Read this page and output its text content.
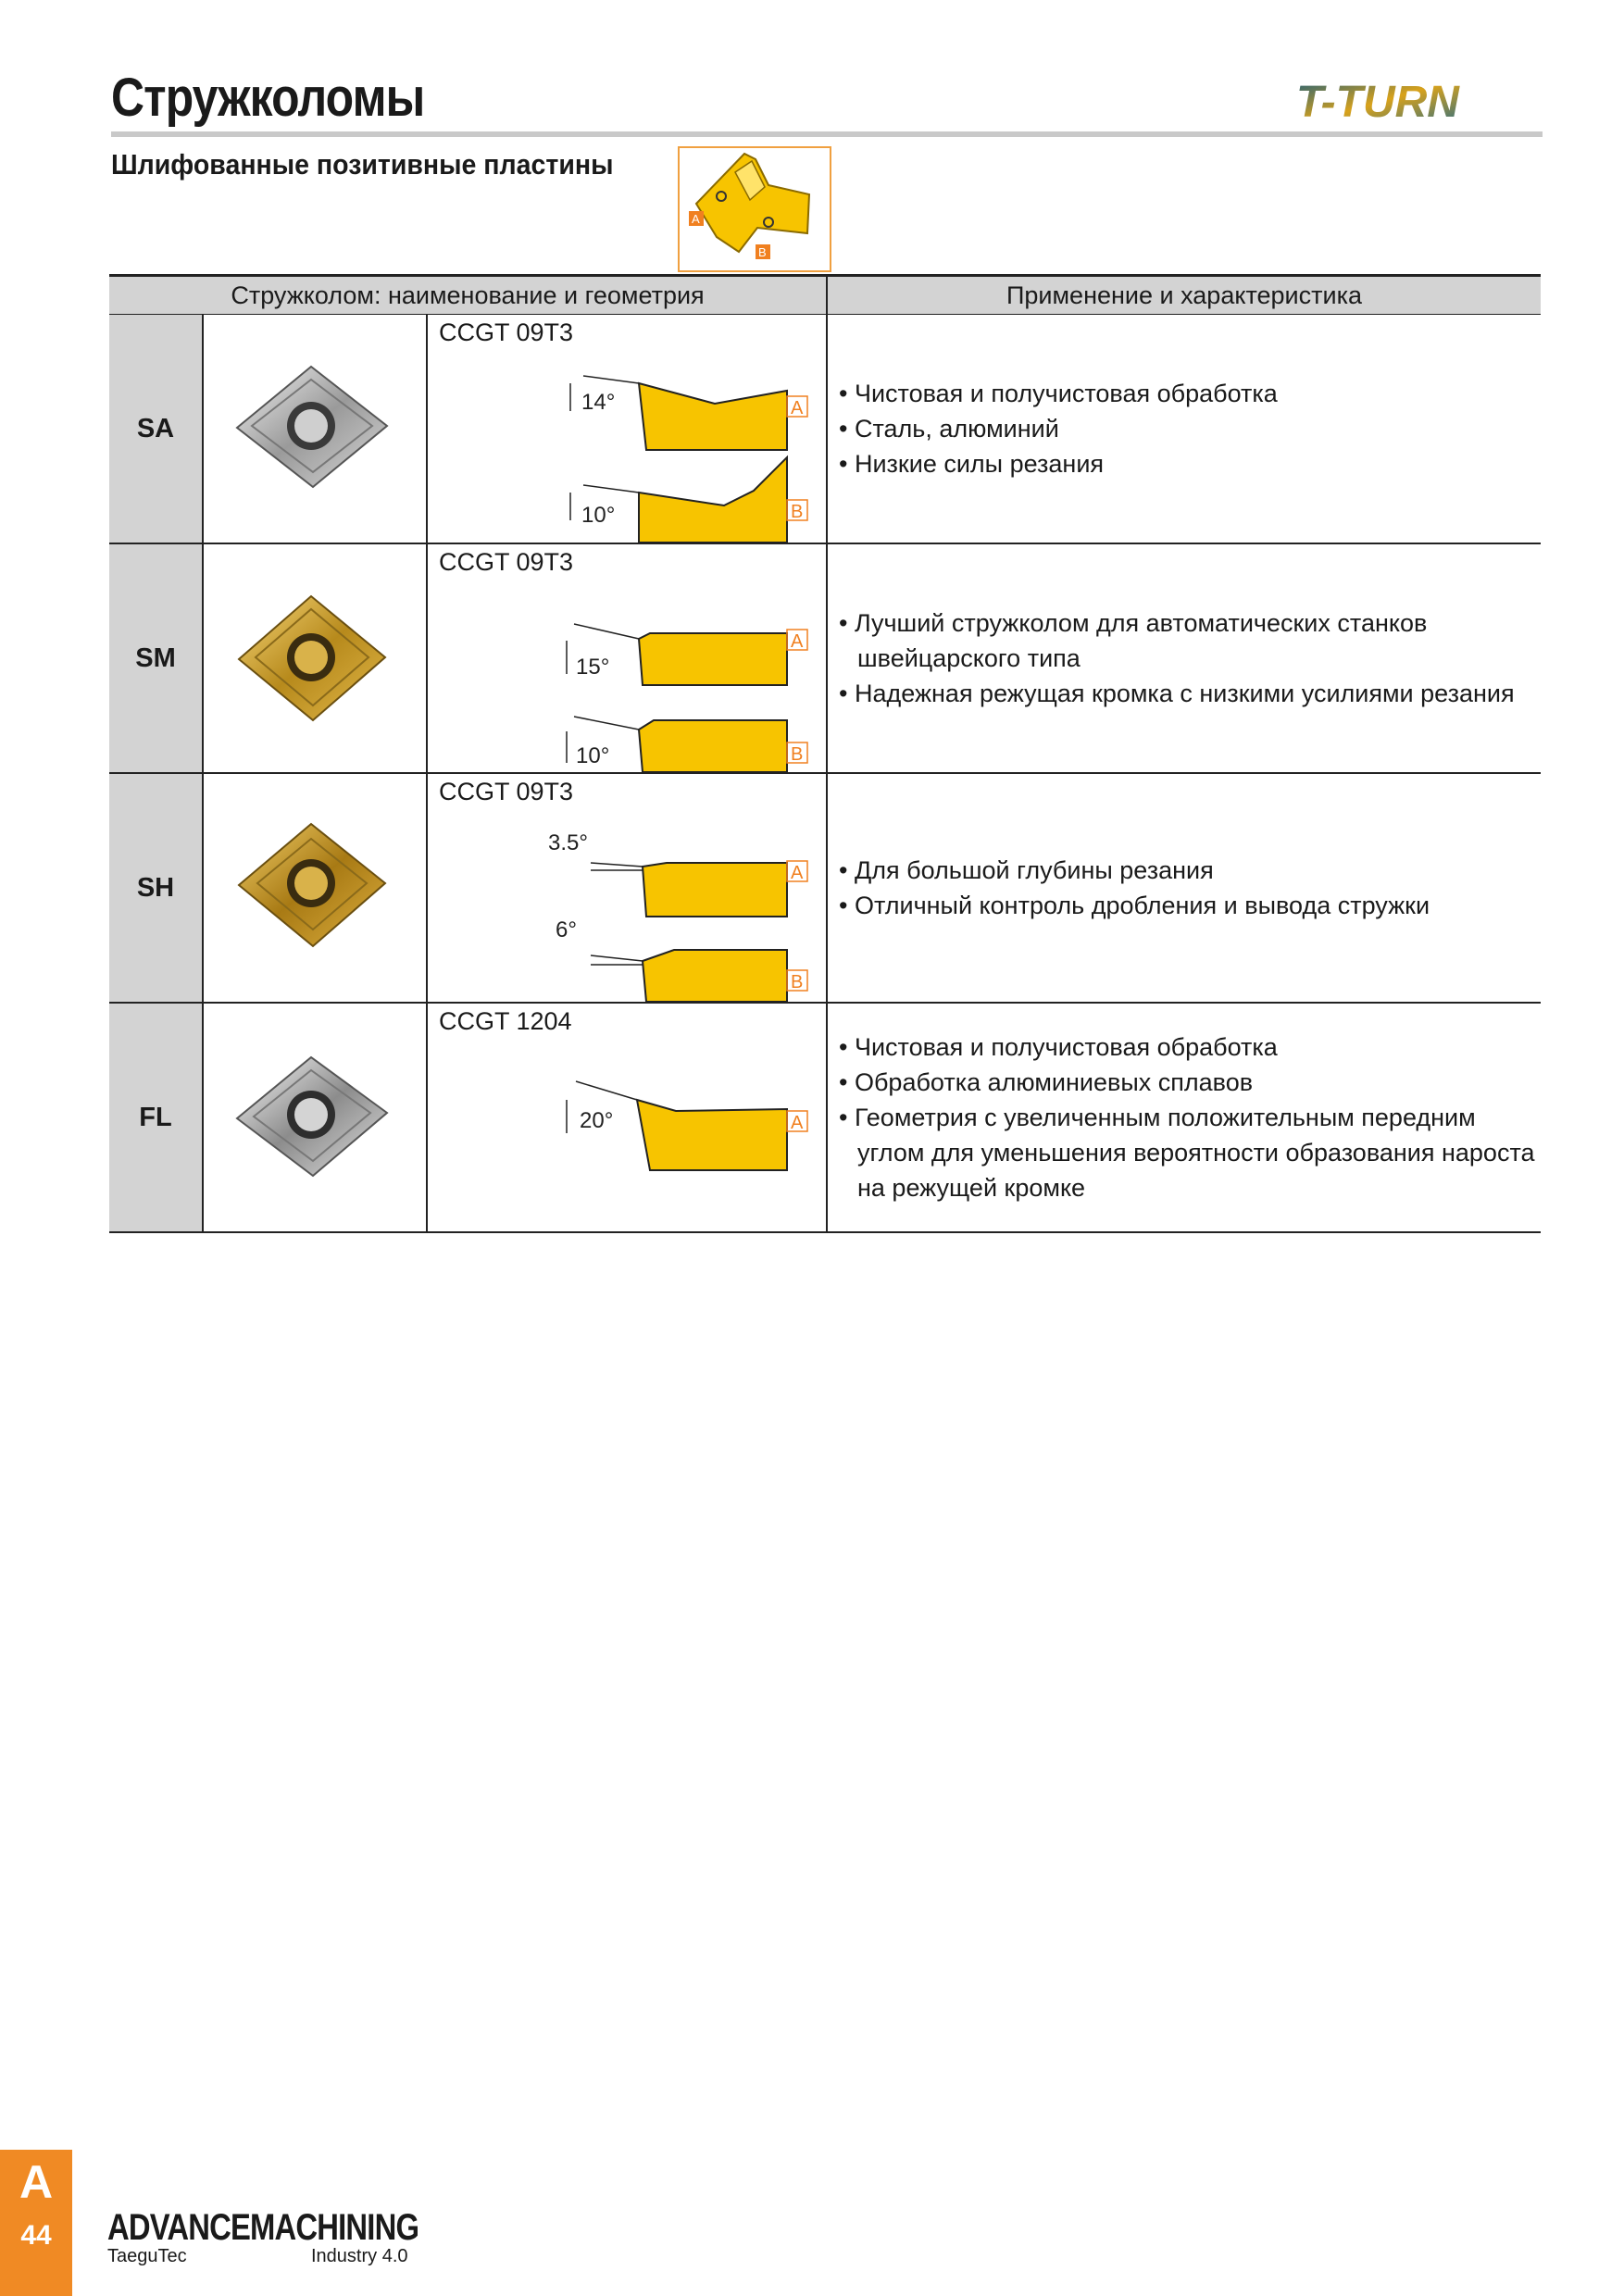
Стружколомы	T-TURN
Шлифованные позитивные пластины
A
B
Стружколом: наименование и геометрия	Применение и характеристика
SA
CCGT 09T3
14°	A
10°	B
• Чистовая и получистовая обработка
• Сталь, алюминий
• Низкие силы резания
SM
CCGT 09T3
15°
A
10°	B
• Лучший стружколом для автоматических станков швейцарского типа
• Надежная режущая кромка с низкими усилиями резания
SH
CCGT 09T3
3.5°
A
6°
B
• Для большой глубины резания
• Отличный контроль дробления и вывода стружки
FL
CCGT 1204
20°	A
• Чистовая и получистовая обработка
• Обработка алюминиевых сплавов
• Геометрия с увеличенным положительным передним углом для уменьшения вероятности образования нароста на режущей кромке
A
44	ADVANCEMACHINING
TaeguTec	Industry 4.0
